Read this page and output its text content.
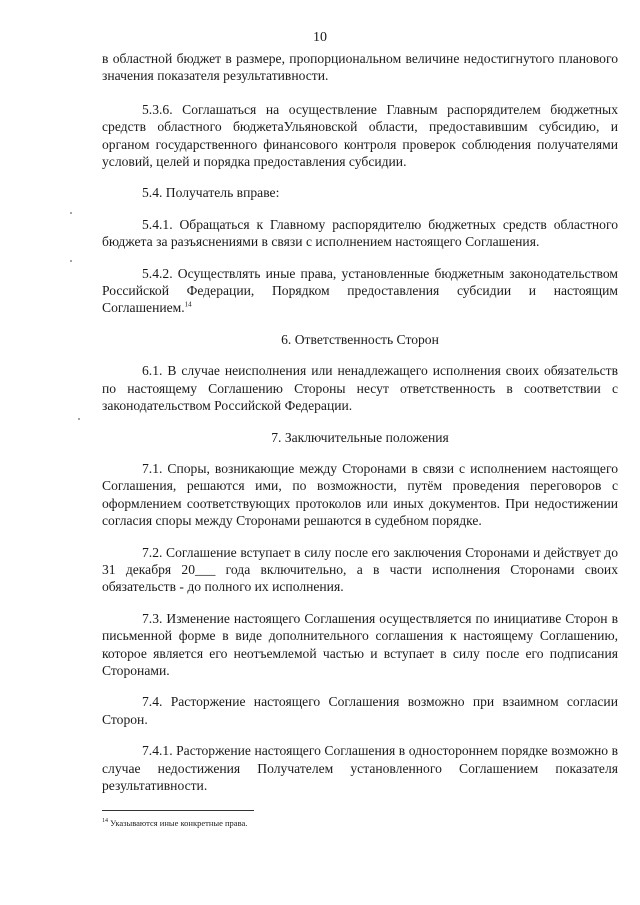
10

в областной бюджет в размере, пропорциональном величине недостигнутого планового значения показателя результативности.

5.3.6. Соглашаться на осуществление Главным распорядителем бюджетных средств областного бюджетаУльяновской области, предоставившим субсидию, и органом государственного финансового контроля проверок соблюдения получателями условий, целей и порядка предоставления субсидии.

5.4. Получатель вправе:

5.4.1. Обращаться к Главному распорядителю бюджетных средств областного бюджета за разъяснениями в связи с исполнением настоящего Соглашения.

5.4.2. Осуществлять иные права, установленные бюджетным законодательством Российской Федерации, Порядком предоставления субсидии и настоящим Соглашением.$^{14}$

6. Ответственность Сторон

6.1. В случае неисполнения или ненадлежащего исполнения своих обязательств по настоящему Соглашению Стороны несут ответственность в соответствии с законодательством Российской Федерации.

7. Заключительные положения

7.1. Споры, возникающие между Сторонами в связи с исполнением настоящего Соглашения, решаются ими, по возможности, путём проведения переговоров с оформлением соответствующих протоколов или иных документов. При недостижении согласия споры между Сторонами решаются в судебном порядке.

7.2. Соглашение вступает в силу после его заключения Сторонами и действует до 31 декабря 20___ года включительно, а в части исполнения Сторонами своих обязательств - до полного их исполнения.

7.3. Изменение настоящего Соглашения осуществляется по инициативе Сторон в письменной форме в виде дополнительного соглашения к настоящему Соглашению, которое является его неотъемлемой частью и вступает в силу после его подписания Сторонами.

7.4. Расторжение настоящего Соглашения возможно при взаимном согласии Сторон.

7.4.1. Расторжение настоящего Соглашения в одностороннем порядке возможно в случае недостижения Получателем установленного Соглашением показателя результативности.

$^{14}$ Указываются иные конкретные права.
